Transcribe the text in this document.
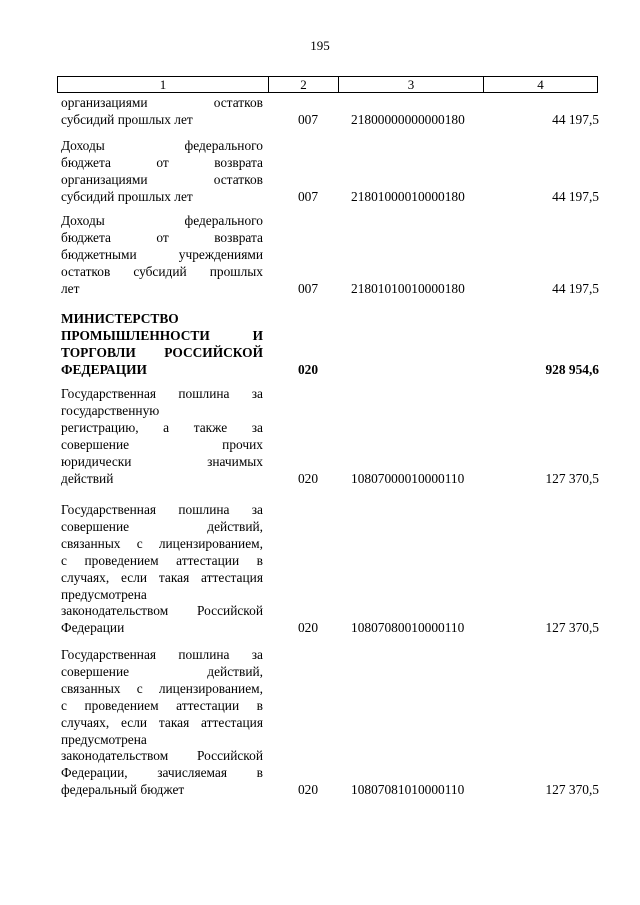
195
1	2	3	4
организациями остатков
субсидий прошлых лет	007 21800000000000180	44 197,5
Доходы федерального
бюджета от возврата
организациями остатков
субсидий прошлых лет	007 21801000010000180	44 197,5
Доходы федерального
бюджета от возврата
бюджетными учреждениями
остатков субсидий прошлых
лет	007 21801010010000180	44 197,5
МИНИСТЕРСТВО
ПРОМЫШЛЕННОСТИ И
ТОРГОВЛИ РОССИЙСКОЙ
ФЕДЕРАЦИИ	020	928 954,6
Государственная пошлина за
государственную
регистрацию, а также за
совершение прочих
юридически значимых
действий	020 10807000010000110	127 370,5
Государственная пошлина за
совершение действий,
связанных с лицензированием,
с проведением аттестации в
случаях, если такая аттестация
предусмотрена
законодательством Российской
Федерации	020 10807080010000110	127 370,5
Государственная пошлина за
совершение действий,
связанных с лицензированием,
с проведением аттестации в
случаях, если такая аттестация
предусмотрена
законодательством Российской
Федерации, зачисляемая в
федеральный бюджет	020 10807081010000110	127 370,5
